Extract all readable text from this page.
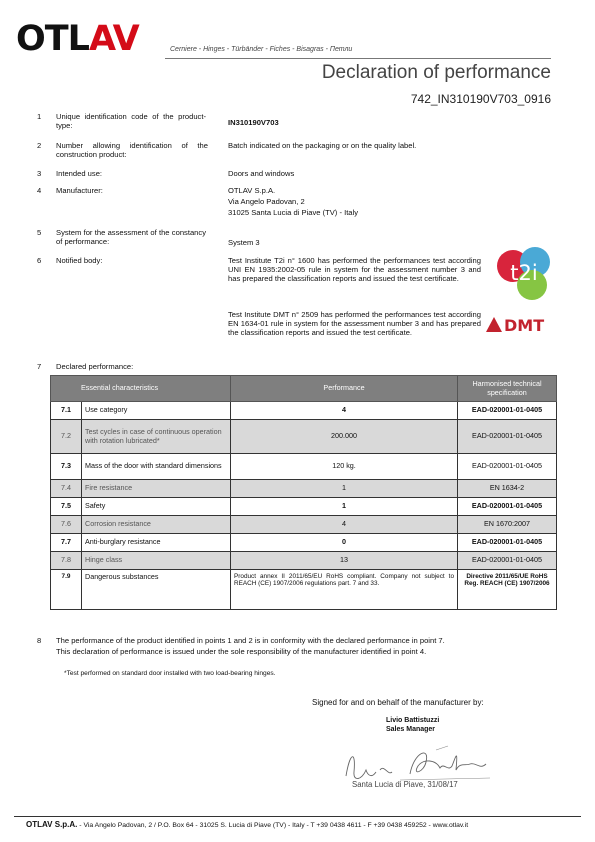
OTLAV	Cerniere - Hinges - Türbänder - Fiches - Bisagras - Петли
Declaration of performance
742_IN310190V703_0916
1 Unique identification code of the product-type:	IN310190V703
2 Number allowing identification of the construction product:
Batch indicated on the packaging or on the quality label.
3 Intended use:	Doors and windows
4 Manufacturer:	OTLAV S.p.A.
Via Angelo Padovan, 2
31025 Santa Lucia di Piave (TV) - Italy
5 System for the assessment of the constancy of performance:	System 3
6 Notified body:	Test Institute T2i n° 1600 has performed the performances test according UNI EN 1935:2002-05 rule in system for the assessment number 3 and has prepared the classification reports and issued the test certificate.
Test Institute DMT n° 2509 has performed the performances test according EN 1634-01 rule in system for the assessment number 3 and has prepared the classification reports and issued the test certificate.
t2i
DMT
7 Declared performance:
Essential characteristics		Performance	Harmonised technical specification
7.1	Use category	4	EAD-020001-01-0405
7.2	Test cycles in case of continuous operation with rotation lubricated*	200.000	EAD-020001-01-0405
7.3	Mass of the door with standard dimensions	120 kg.	EAD-020001-01-0405
7.4	Fire resistance	1	EN 1634-2
7.5	Safety	1	EAD-020001-01-0405
7.6	Corrosion resistance	4	EN 1670:2007
7.7	Anti-burglary resistance	0	EAD-020001-01-0405
7.8	Hinge class	13	EAD-020001-01-0405
7.9	Dangerous substances	Product annex II 2011/65/EU RoHS compliant. Company not subject to REACH (CE) 1907/2006 regulations part. 7 and 33.	Directive 2011/65/UE RoHS Reg. REACH (CE) 1907/2006
8 The performance of the product identified in points 1 and 2 is in conformity with the declared performance in point 7.
This declaration of performance is issued under the sole responsibility of the manufacturer identified in point 4.
*Test performed on standard door installed with two load-bearing hinges.
Signed for and on behalf of the manufacturer by:
Livio Battistuzzi
Sales Manager
Santa Lucia di Piave, 31/08/17
OTLAV S.p.A. - Via Angelo Padovan, 2 / P.O. Box 64 - 31025 S. Lucia di Piave (TV) - Italy - T +39 0438 4611 - F +39 0438 459252 - www.otlav.it
